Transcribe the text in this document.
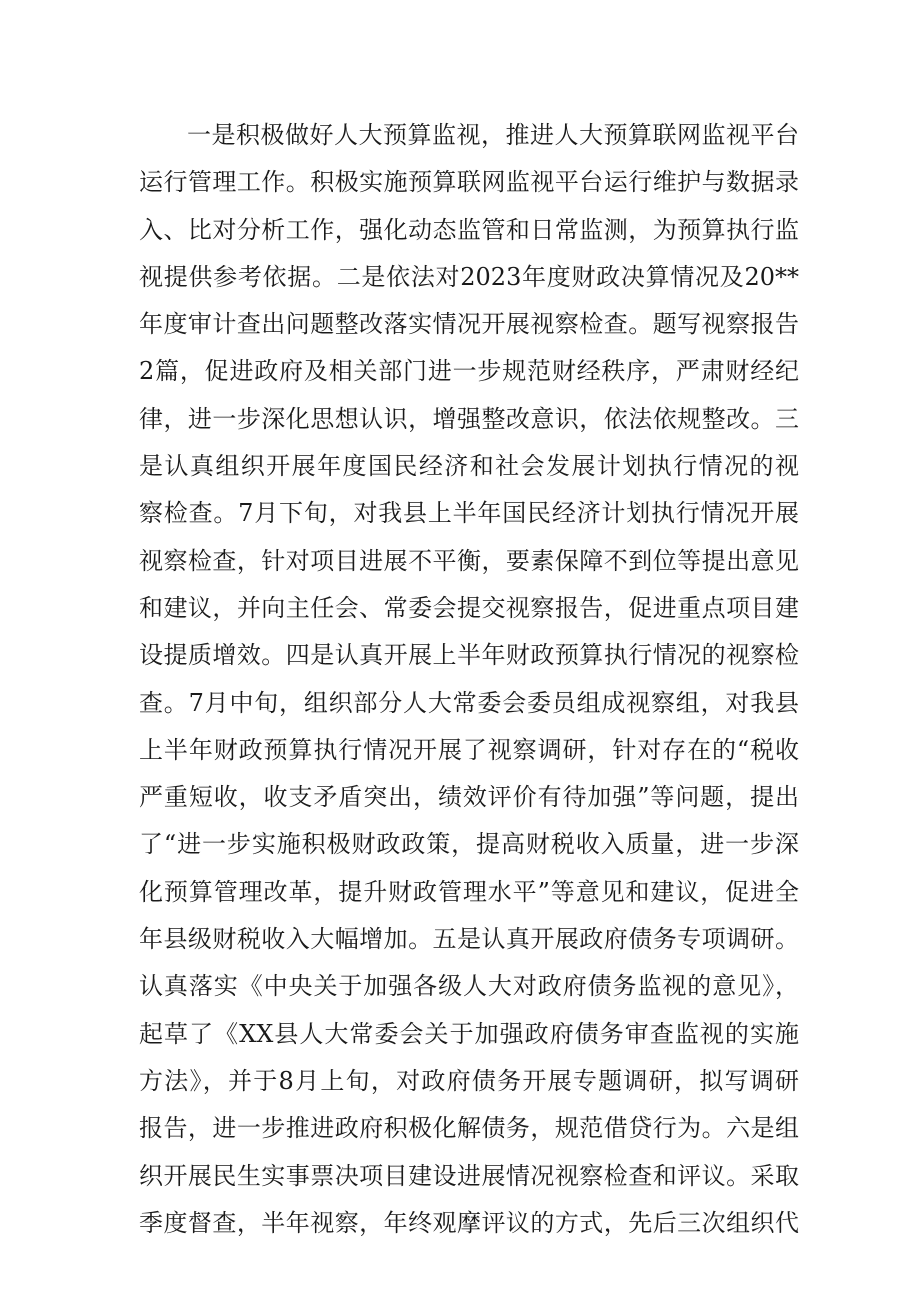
一是积极做好人大预算监视，推进人大预算联网监视平台
运行管理工作。积极实施预算联网监视平台运行维护与数据录
入、比对分析工作，强化动态监管和日常监测，为预算执行监
视提供参考依据。二是依法对2023年度财政决算情况及20**
年度审计查出问题整改落实情况开展视察检查。题写视察报告
2篇，促进政府及相关部门进一步规范财经秩序，严肃财经纪
律，进一步深化思想认识，增强整改意识，依法依规整改。三
是认真组织开展年度国民经济和社会发展计划执行情况的视
察检查。7月下旬，对我县上半年国民经济计划执行情况开展
视察检查，针对项目进展不平衡，要素保障不到位等提出意见
和建议，并向主任会、常委会提交视察报告，促进重点项目建
设提质增效。四是认真开展上半年财政预算执行情况的视察检
查。7月中旬，组织部分人大常委会委员组成视察组，对我县
上半年财政预算执行情况开展了视察调研，针对存在的“税收
严重短收，收支矛盾突出，绩效评价有待加强”等问题，提出
了“进一步实施积极财政政策，提高财税收入质量，进一步深
化预算管理改革，提升财政管理水平”等意见和建议，促进全
年县级财税收入大幅增加。五是认真开展政府债务专项调研。
认真落实《中央关于加强各级人大对政府债务监视的意见》，
起草了《XX县人大常委会关于加强政府债务审查监视的实施
方法》，并于8月上旬，对政府债务开展专题调研，拟写调研
报告，进一步推进政府积极化解债务，规范借贷行为。六是组
织开展民生实事票决项目建设进展情况视察检查和评议。采取
季度督查，半年视察，年终观摩评议的方式，先后三次组织代
